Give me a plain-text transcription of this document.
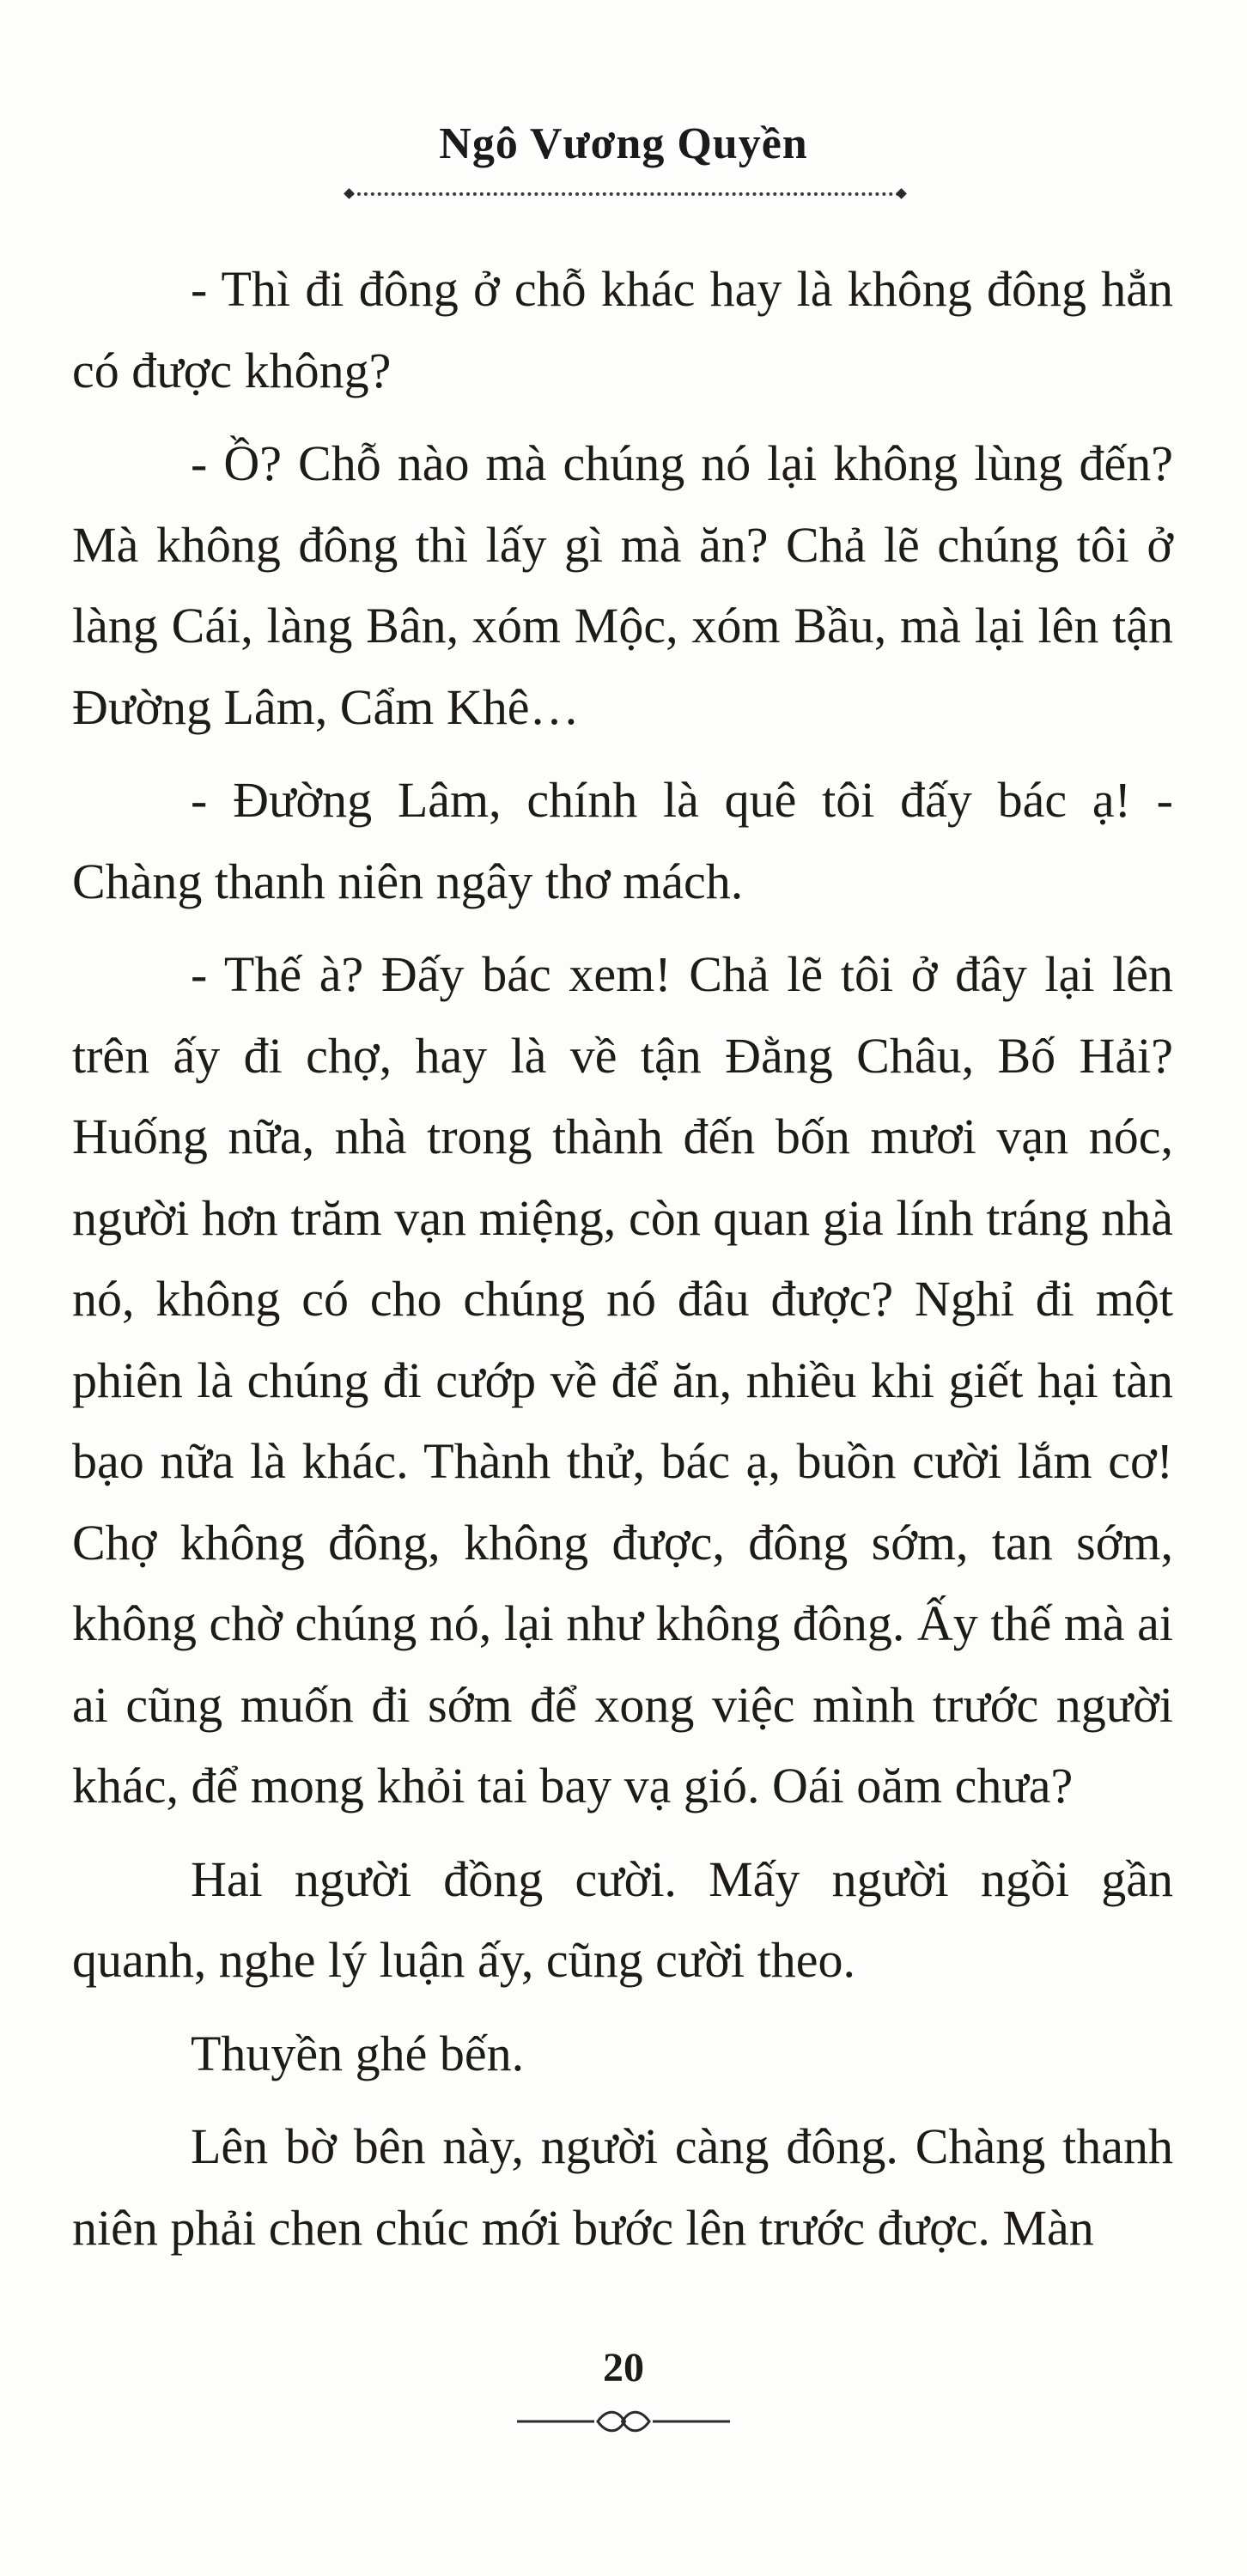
Ngô Vương Quyền

- Thì đi đông ở chỗ khác hay là không đông hẳn có được không?

- Ồ? Chỗ nào mà chúng nó lại không lùng đến? Mà không đông thì lấy gì mà ăn? Chả lẽ chúng tôi ở làng Cái, làng Bân, xóm Mộc, xóm Bầu, mà lại lên tận Đường Lâm, Cẩm Khê…

- Đường Lâm, chính là quê tôi đấy bác ạ! - Chàng thanh niên ngây thơ mách.

- Thế à? Đấy bác xem! Chả lẽ tôi ở đây lại lên trên ấy đi chợ, hay là về tận Đằng Châu, Bố Hải? Huống nữa, nhà trong thành đến bốn mươi vạn nóc, người hơn trăm vạn miệng, còn quan gia lính tráng nhà nó, không có cho chúng nó đâu được? Nghỉ đi một phiên là chúng đi cướp về để ăn, nhiều khi giết hại tàn bạo nữa là khác. Thành thử, bác ạ, buồn cười lắm cơ! Chợ không đông, không được, đông sớm, tan sớm, không chờ chúng nó, lại như không đông. Ấy thế mà ai ai cũng muốn đi sớm để xong việc mình trước người khác, để mong khỏi tai bay vạ gió. Oái oăm chưa?

Hai người đồng cười. Mấy người ngồi gần quanh, nghe lý luận ấy, cũng cười theo.

Thuyền ghé bến.

Lên bờ bên này, người càng đông. Chàng thanh niên phải chen chúc mới bước lên trước được. Màn

20
